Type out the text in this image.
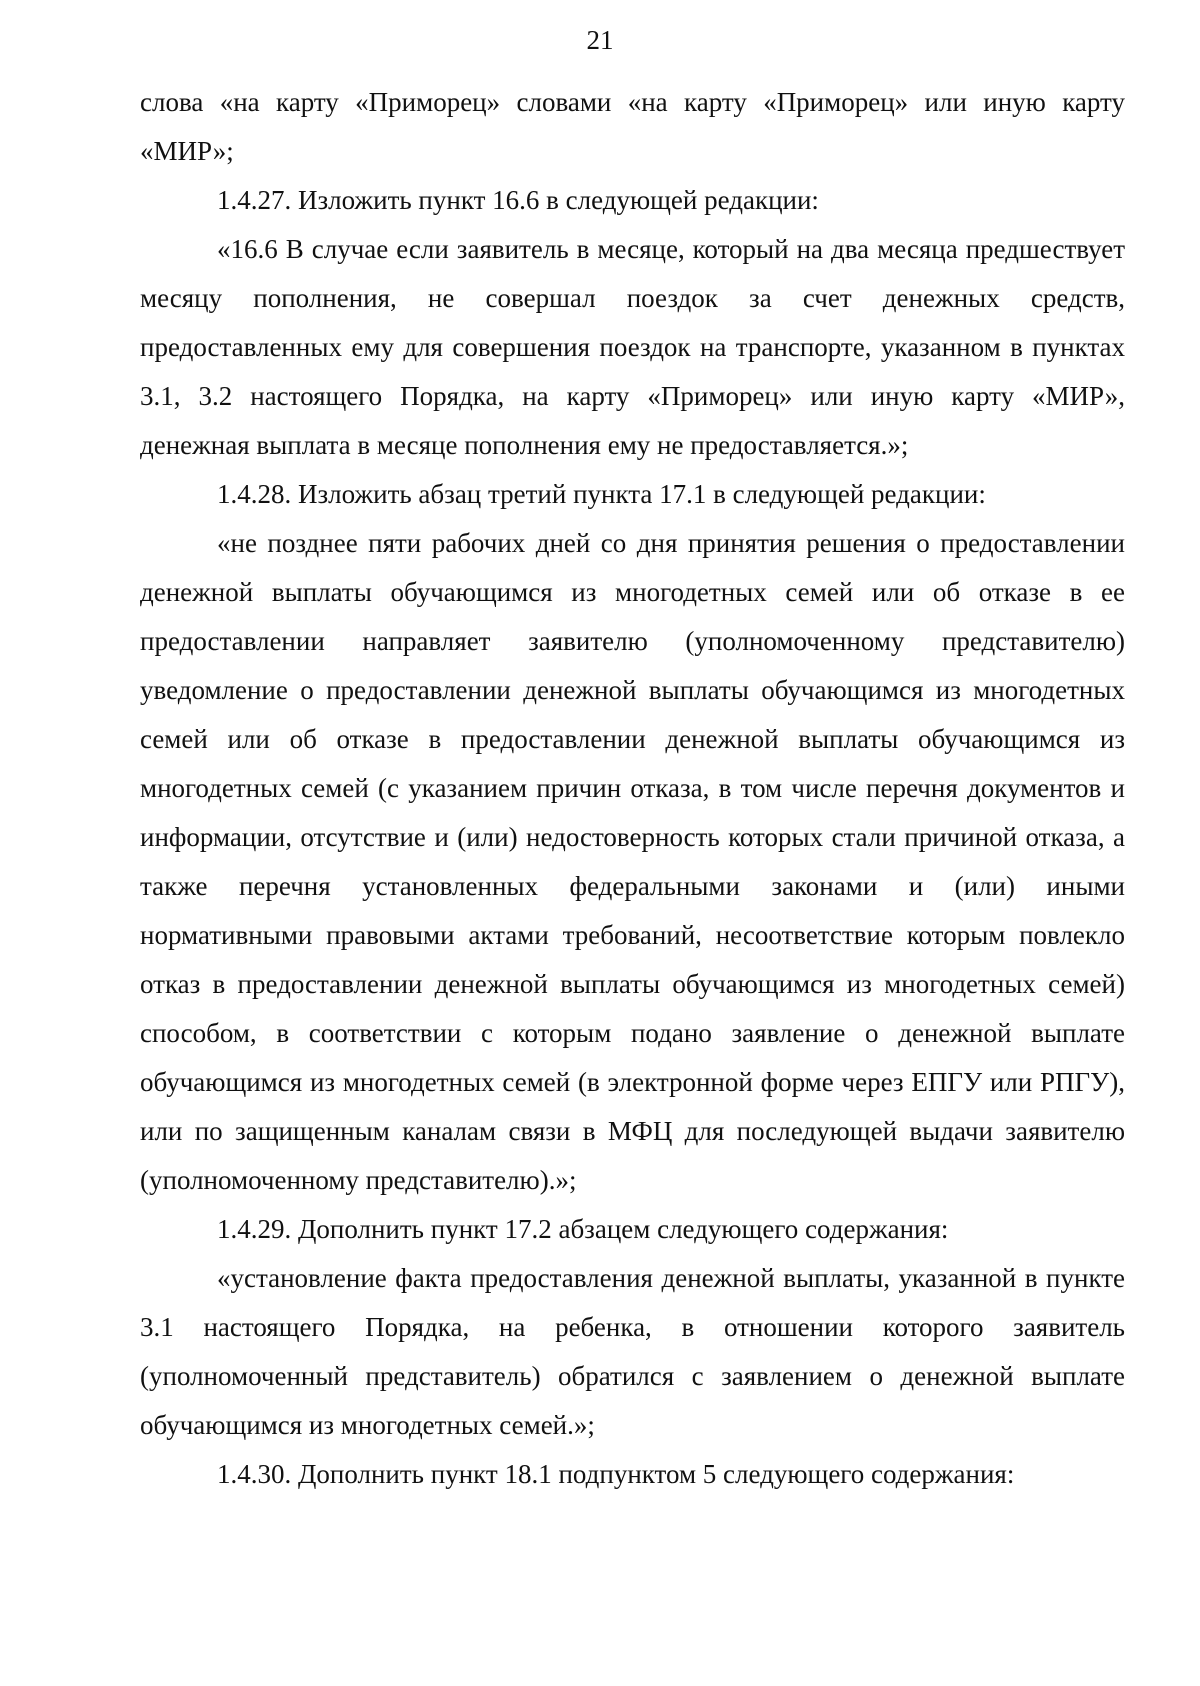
21

слова «на карту «Приморец» словами «на карту «Приморец» или иную карту «МИР»;

1.4.27. Изложить пункт 16.6 в следующей редакции:

«16.6 В случае если заявитель в месяце, который на два месяца предшествует месяцу пополнения, не совершал поездок за счет денежных средств, предоставленных ему для совершения поездок на транспорте, указанном в пунктах 3.1, 3.2 настоящего Порядка, на карту «Приморец» или иную карту «МИР», денежная выплата в месяце пополнения ему не предоставляется.»;

1.4.28. Изложить абзац третий пункта 17.1 в следующей редакции:

«не позднее пяти рабочих дней со дня принятия решения о предоставлении денежной выплаты обучающимся из многодетных семей или об отказе в ее предоставлении направляет заявителю (уполномоченному представителю) уведомление о предоставлении денежной выплаты обучающимся из многодетных семей или об отказе в предоставлении денежной выплаты обучающимся из многодетных семей (с указанием причин отказа, в том числе перечня документов и информации, отсутствие и (или) недостоверность которых стали причиной отказа, а также перечня установленных федеральными законами и (или) иными нормативными правовыми актами требований, несоответствие которым повлекло отказ в предоставлении денежной выплаты обучающимся из многодетных семей) способом, в соответствии с которым подано заявление о денежной выплате обучающимся из многодетных семей (в электронной форме через ЕПГУ или РПГУ), или по защищенным каналам связи в МФЦ для последующей выдачи заявителю (уполномоченному представителю).»;

1.4.29. Дополнить пункт 17.2 абзацем следующего содержания:

«установление факта предоставления денежной выплаты, указанной в пункте 3.1 настоящего Порядка, на ребенка, в отношении которого заявитель (уполномоченный представитель) обратился с заявлением о денежной выплате обучающимся из многодетных семей.»;

1.4.30. Дополнить пункт 18.1 подпунктом 5 следующего содержания:
